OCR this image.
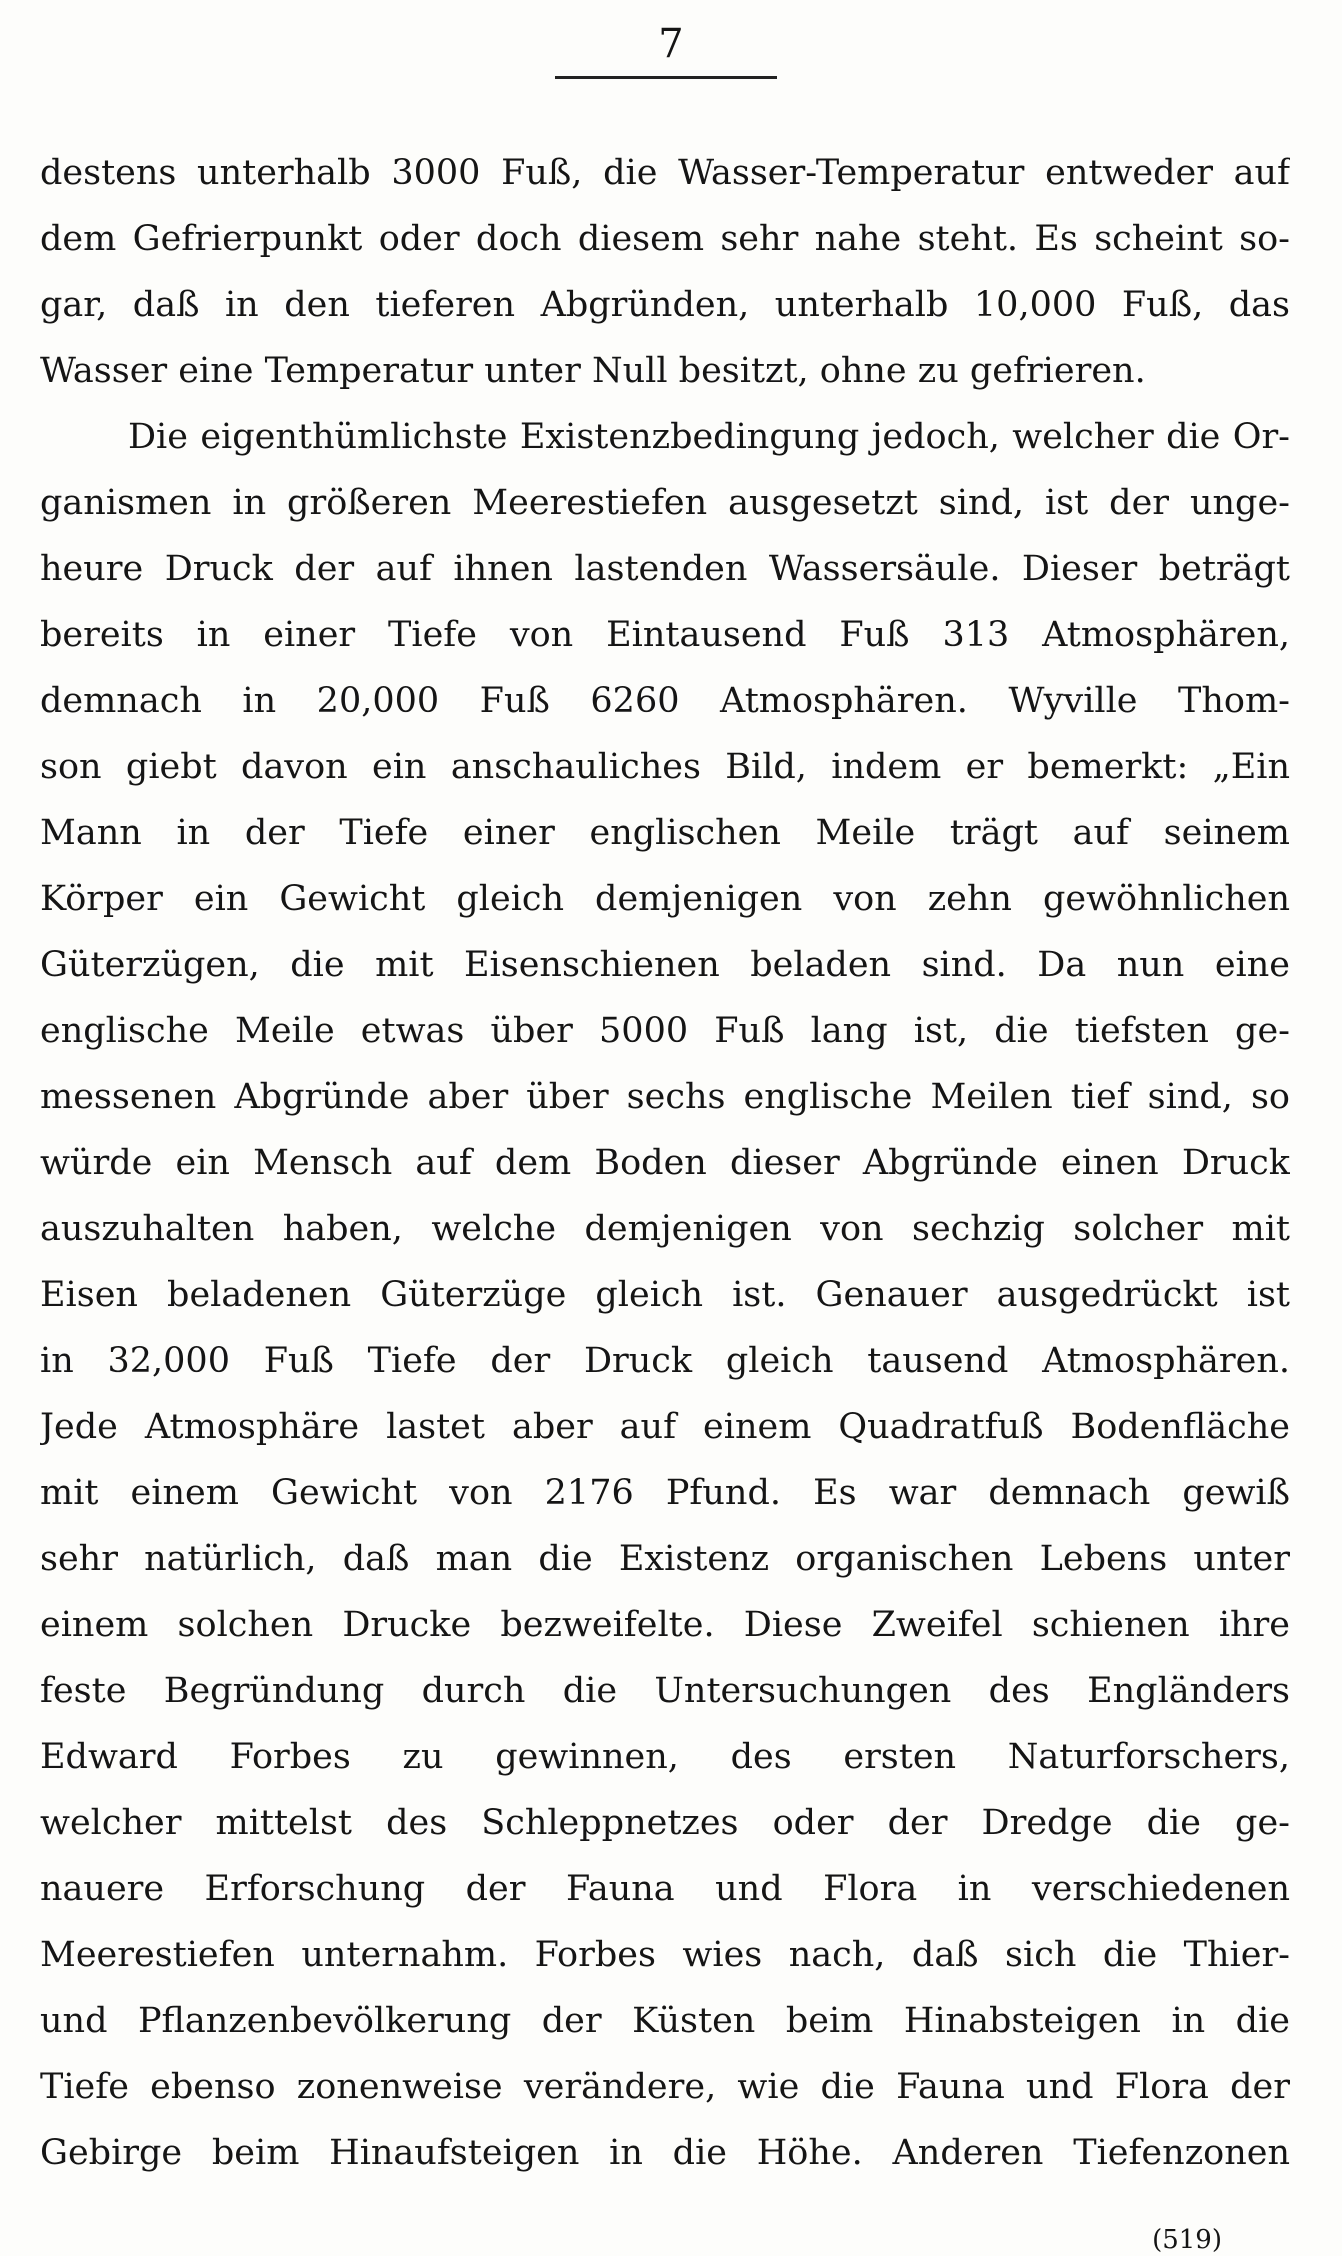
7
destens unterhalb 3000 Fuß, die Wasser-Temperatur entweder auf
dem Gefrierpunkt oder doch diesem sehr nahe steht. Es scheint so-
gar, daß in den tieferen Abgründen, unterhalb 10,000 Fuß, das
Wasser eine Temperatur unter Null besitzt, ohne zu gefrieren.
Die eigenthümlichste Existenzbedingung jedoch, welcher die Or-
ganismen in größeren Meerestiefen ausgesetzt sind, ist der unge-
heure Druck der auf ihnen lastenden Wassersäule. Dieser beträgt
bereits in einer Tiefe von Eintausend Fuß 313 Atmosphären,
demnach in 20,000 Fuß 6260 Atmosphären. Wyville Thom-
son giebt davon ein anschauliches Bild, indem er bemerkt: „Ein
Mann in der Tiefe einer englischen Meile trägt auf seinem
Körper ein Gewicht gleich demjenigen von zehn gewöhnlichen
Güterzügen, die mit Eisenschienen beladen sind. Da nun eine
englische Meile etwas über 5000 Fuß lang ist, die tiefsten ge-
messenen Abgründe aber über sechs englische Meilen tief sind, so
würde ein Mensch auf dem Boden dieser Abgründe einen Druck
auszuhalten haben, welche demjenigen von sechzig solcher mit
Eisen beladenen Güterzüge gleich ist. Genauer ausgedrückt ist
in 32,000 Fuß Tiefe der Druck gleich tausend Atmosphären.
Jede Atmosphäre lastet aber auf einem Quadratfuß Bodenfläche
mit einem Gewicht von 2176 Pfund. Es war demnach gewiß
sehr natürlich, daß man die Existenz organischen Lebens unter
einem solchen Drucke bezweifelte. Diese Zweifel schienen ihre
feste Begründung durch die Untersuchungen des Engländers
Edward Forbes zu gewinnen, des ersten Naturforschers,
welcher mittelst des Schleppnetzes oder der Dredge die ge-
nauere Erforschung der Fauna und Flora in verschiedenen
Meerestiefen unternahm. Forbes wies nach, daß sich die Thier-
und Pflanzenbevölkerung der Küsten beim Hinabsteigen in die
Tiefe ebenso zonenweise verändere, wie die Fauna und Flora der
Gebirge beim Hinaufsteigen in die Höhe. Anderen Tiefenzonen
(519)
